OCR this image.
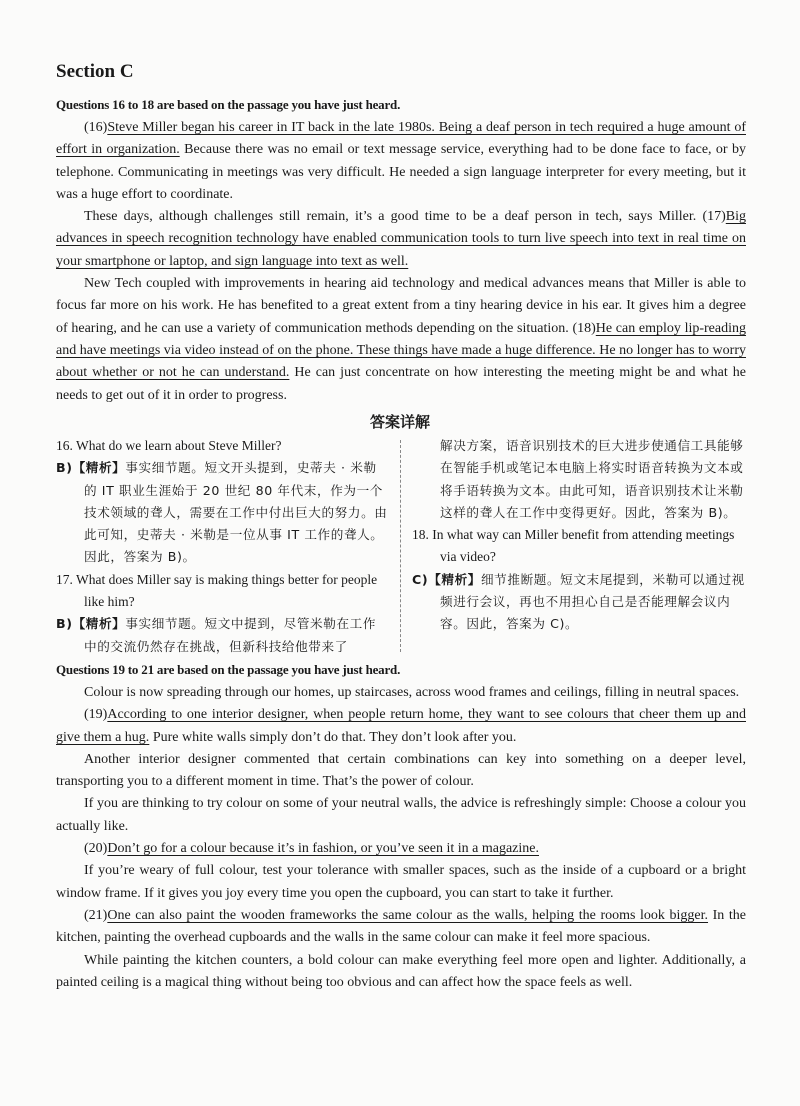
Section C
Questions 16 to 18 are based on the passage you have just heard.

(16)Steve Miller began his career in IT back in the late 1980s. Being a deaf person in tech required a huge amount of effort in organization. Because there was no email or text message service, everything had to be done face to face, or by telephone. Communicating in meetings was very difficult. He needed a sign language interpreter for every meeting, but it was a huge effort to coordinate.

These days, although challenges still remain, it’s a good time to be a deaf person in tech, says Miller. (17)Big advances in speech recognition technology have enabled communication tools to turn live speech into text in real time on your smartphone or laptop, and sign language into text as well.

New Tech coupled with improvements in hearing aid technology and medical advances means that Miller is able to focus far more on his work. He has benefited to a great extent from a tiny hearing device in his ear. It gives him a degree of hearing, and he can use a variety of communication methods depending on the situation. (18)He can employ lip-reading and have meetings via video instead of on the phone. These things have made a huge difference. He no longer has to worry about whether or not he can understand. He can just concentrate on how interesting the meeting might be and what he needs to get out of it in order to progress.

答案详解
16. What do we learn about Steve Miller?
B)【精析】事实细节题。短文开头提到，史蒂夫 · 米勒的 IT 职业生涯始于 20 世纪 80 年代末，作为一个技术领域的聋人，需要在工作中付出巨大的努力。由此可知，史蒂夫 · 米勒是一位从事 IT 工作的聋人。因此，答案为 B)。
17. What does Miller say is making things better for people like him?
B)【精析】事实细节题。短文中提到，尽管米勒在工作中的交流仍然存在挑战，但新科技给他带来了
解决方案，语音识别技术的巨大进步使通信工具能够在智能手机或笔记本电脑上将实时语音转换为文本或将手语转换为文本。由此可知，语音识别技术让米勒这样的聋人在工作中变得更好。因此，答案为 B)。
18. In what way can Miller benefit from attending meetings via video?
C)【精析】细节推断题。短文末尾提到，米勒可以通过视频进行会议，再也不用担心自己是否能理解会议内容。因此，答案为 C)。
Questions 19 to 21 are based on the passage you have just heard.

Colour is now spreading through our homes, up staircases, across wood frames and ceilings, filling in neutral spaces.

(19)According to one interior designer, when people return home, they want to see colours that cheer them up and give them a hug. Pure white walls simply don’t do that. They don’t look after you.

Another interior designer commented that certain combinations can key into something on a deeper level, transporting you to a different moment in time. That’s the power of colour.

If you are thinking to try colour on some of your neutral walls, the advice is refreshingly simple: Choose a colour you actually like.

(20)Don’t go for a colour because it’s in fashion, or you’ve seen it in a magazine.

If you’re weary of full colour, test your tolerance with smaller spaces, such as the inside of a cupboard or a bright window frame. If it gives you joy every time you open the cupboard, you can start to take it further.

(21)One can also paint the wooden frameworks the same colour as the walls, helping the rooms look bigger. In the kitchen, painting the overhead cupboards and the walls in the same colour can make it feel more spacious.

While painting the kitchen counters, a bold colour can make everything feel more open and lighter. Additionally, a painted ceiling is a magical thing without being too obvious and can affect how the space feels as well.
